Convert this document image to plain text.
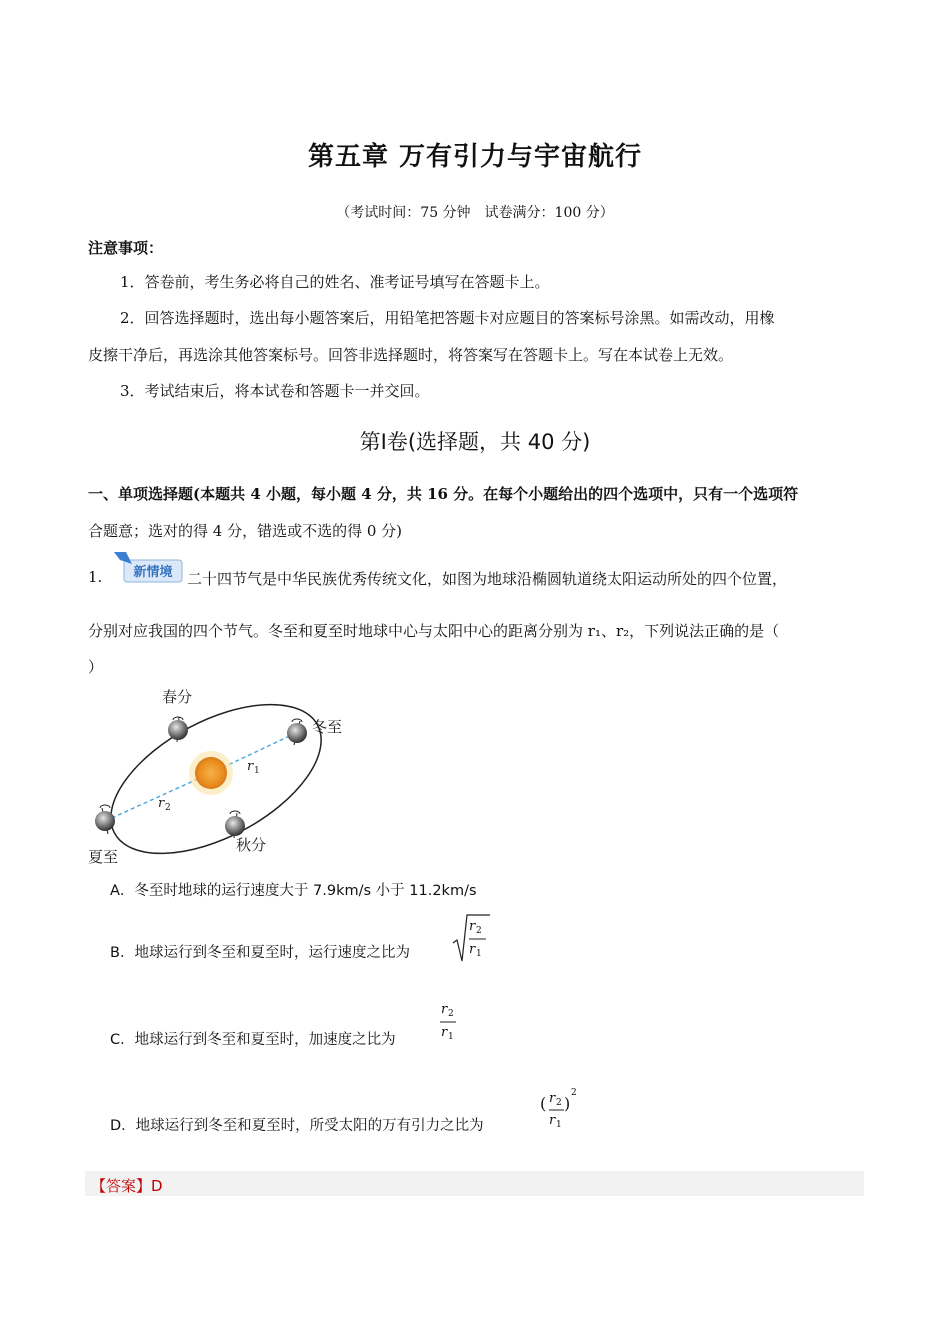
第五章 万有引力与宇宙航行
（考试时间：75 分钟　试卷满分：100 分）
注意事项：
1．答卷前，考生务必将自己的姓名、准考证号填写在答题卡上。
2．回答选择题时，选出每小题答案后，用铅笔把答题卡对应题目的答案标号涂黑。如需改动，用橡
皮擦干净后，再选涂其他答案标号。回答非选择题时，将答案写在答题卡上。写在本试卷上无效。
3．考试结束后，将本试卷和答题卡一并交回。
第Ⅰ卷(选择题，共 40 分)
一、单项选择题(本题共 4 小题，每小题 4 分，共 16 分。在每个小题给出的四个选项中，只有一个选项符
合题意；选对的得 4 分，错选或不选的得 0 分)
1. 新情境 二十四节气是中华民族优秀传统文化，如图为地球沿椭圆轨道绕太阳运动所处的四个位置，
分别对应我国的四个节气。冬至和夏至时地球中心与太阳中心的距离分别为 r₁、r₂，下列说法正确的是（
）
春分
冬至
夏至
秋分
r 1
r 2
A．冬至时地球的运行速度大于 7.9km/s 小于 11.2km/s
B．地球运行到冬至和夏至时，运行速度之比为
r 2
r 1
C．地球运行到冬至和夏至时，加速度之比为
r 2
r 1
D．地球运行到冬至和夏至时，所受太阳的万有引力之比为
( r 2
r 1
)
2
【答案】D
